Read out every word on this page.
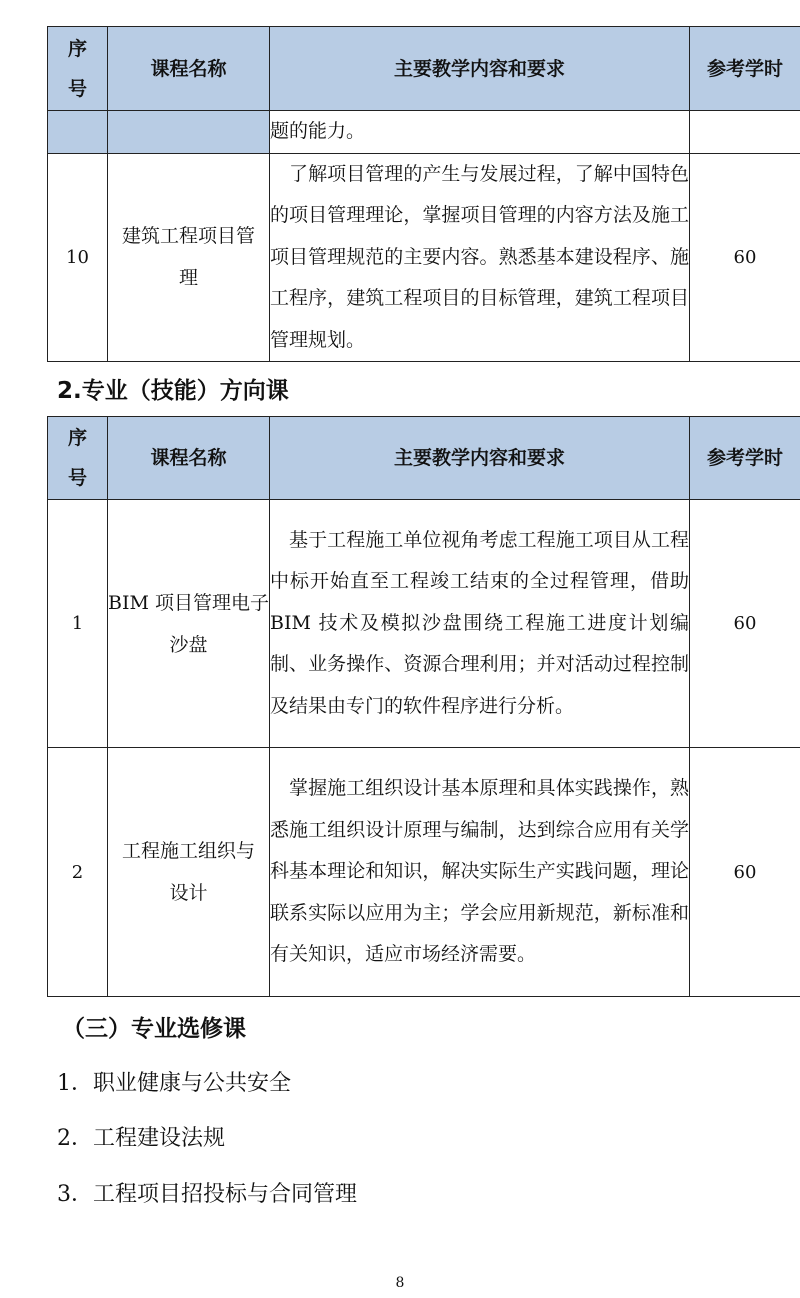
序号	课程名称	主要教学内容和要求	参考学时
		题的能力。	
10	建筑工程项目管理	了解项目管理的产生与发展过程，了解中国特色的项目管理理论，掌握项目管理的内容方法及施工项目管理规范的主要内容。熟悉基本建设程序、施工程序，建筑工程项目的目标管理，建筑工程项目管理规划。	60
2.专业（技能）方向课
序号	课程名称	主要教学内容和要求	参考学时
1	BIM 项目管理电子沙盘	基于工程施工单位视角考虑工程施工项目从工程中标开始直至工程竣工结束的全过程管理，借助 BIM 技术及模拟沙盘围绕工程施工进度计划编制、业务操作、资源合理利用；并对活动过程控制及结果由专门的软件程序进行分析。	60
2	工程施工组织与设计	掌握施工组织设计基本原理和具体实践操作，熟悉施工组织设计原理与编制，达到综合应用有关学科基本理论和知识，解决实际生产实践问题，理论联系实际以应用为主；学会应用新规范，新标准和有关知识，适应市场经济需要。	60
（三）专业选修课
1．职业健康与公共安全
2．工程建设法规
3．工程项目招投标与合同管理
8
